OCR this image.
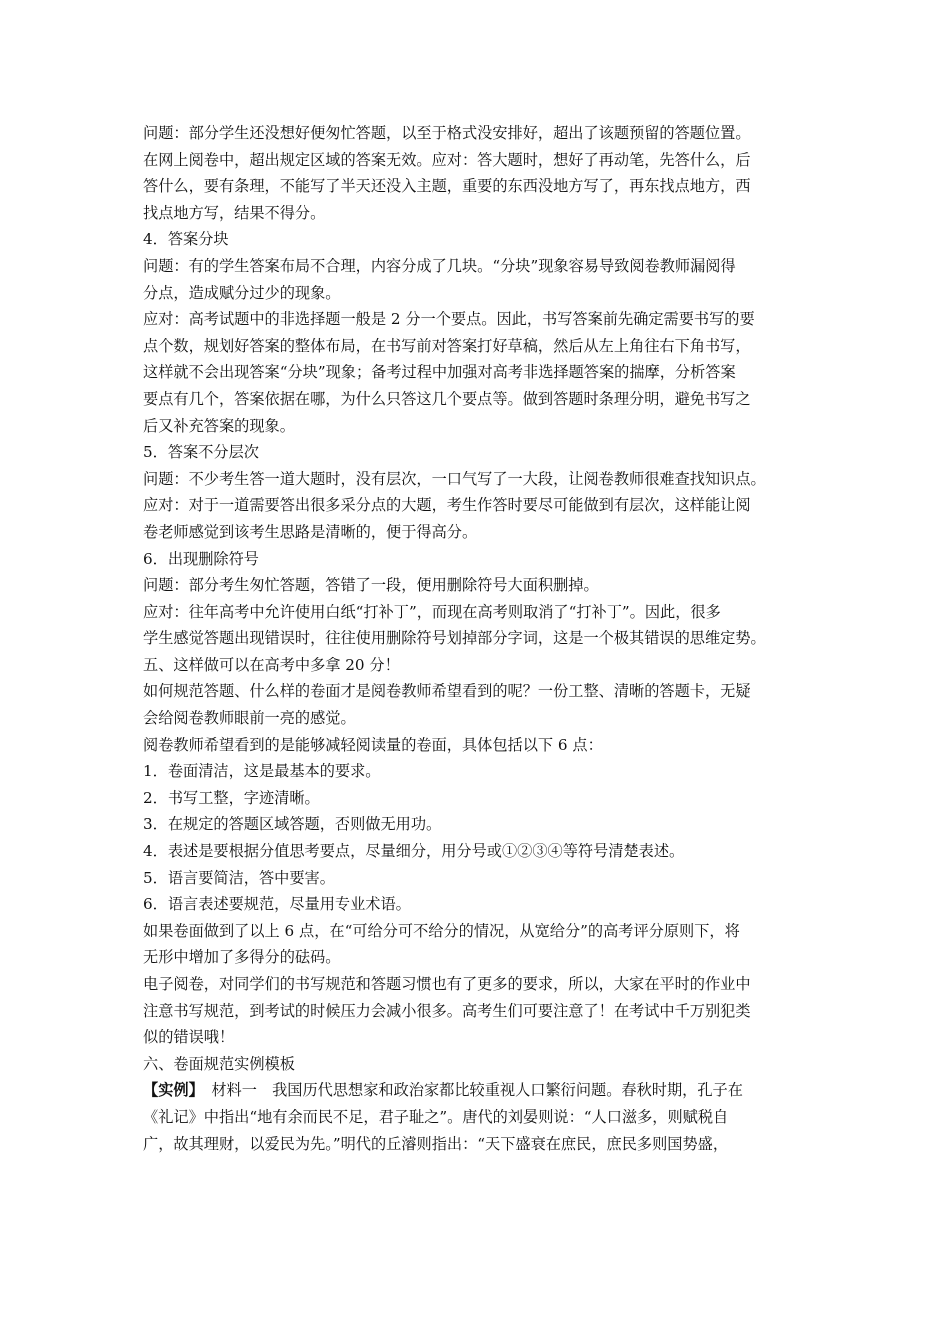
问题：部分学生还没想好便匆忙答题，以至于格式没安排好，超出了该题预留的答题位置。
在网上阅卷中，超出规定区域的答案无效。应对：答大题时，想好了再动笔，先答什么，后
答什么，要有条理，不能写了半天还没入主题，重要的东西没地方写了，再东找点地方，西
找点地方写，结果不得分。
4．答案分块
问题：有的学生答案布局不合理，内容分成了几块。“分块”现象容易导致阅卷教师漏阅得
分点，造成赋分过少的现象。
应对：高考试题中的非选择题一般是 2 分一个要点。因此，书写答案前先确定需要书写的要
点个数，规划好答案的整体布局，在书写前对答案打好草稿，然后从左上角往右下角书写，
这样就不会出现答案“分块”现象；备考过程中加强对高考非选择题答案的揣摩，分析答案
要点有几个，答案依据在哪，为什么只答这几个要点等。做到答题时条理分明，避免书写之
后又补充答案的现象。
5．答案不分层次
问题：不少考生答一道大题时，没有层次，一口气写了一大段，让阅卷教师很难查找知识点。
应对：对于一道需要答出很多采分点的大题，考生作答时要尽可能做到有层次，这样能让阅
卷老师感觉到该考生思路是清晰的，便于得高分。
6．出现删除符号
问题：部分考生匆忙答题，答错了一段，便用删除符号大面积删掉。
应对：往年高考中允许使用白纸“打补丁”，而现在高考则取消了“打补丁”。因此，很多
学生感觉答题出现错误时，往往使用删除符号划掉部分字词，这是一个极其错误的思维定势。
五、这样做可以在高考中多拿 20 分！
如何规范答题、什么样的卷面才是阅卷教师希望看到的呢？一份工整、清晰的答题卡，无疑
会给阅卷教师眼前一亮的感觉。
阅卷教师希望看到的是能够减轻阅读量的卷面，具体包括以下 6 点：
1．卷面清洁，这是最基本的要求。
2．书写工整，字迹清晰。
3．在规定的答题区域答题，否则做无用功。
4．表述是要根据分值思考要点，尽量细分，用分号或①②③④等符号清楚表述。
5．语言要简洁，答中要害。
6．语言表述要规范，尽量用专业术语。
如果卷面做到了以上 6 点，在“可给分可不给分的情况，从宽给分”的高考评分原则下，将
无形中增加了多得分的砝码。
电子阅卷，对同学们的书写规范和答题习惯也有了更多的要求，所以，大家在平时的作业中
注意书写规范，到考试的时候压力会减小很多。高考生们可要注意了！在考试中千万别犯类
似的错误哦！
六、卷面规范实例模板
【实例】　材料一　我国历代思想家和政治家都比较重视人口繁衍问题。春秋时期，孔子在
《礼记》中指出“地有余而民不足，君子耻之”。唐代的刘晏则说：“人口滋多，则赋税自
广，故其理财，以爱民为先。”明代的丘濬则指出：“天下盛衰在庶民，庶民多则国势盛，
